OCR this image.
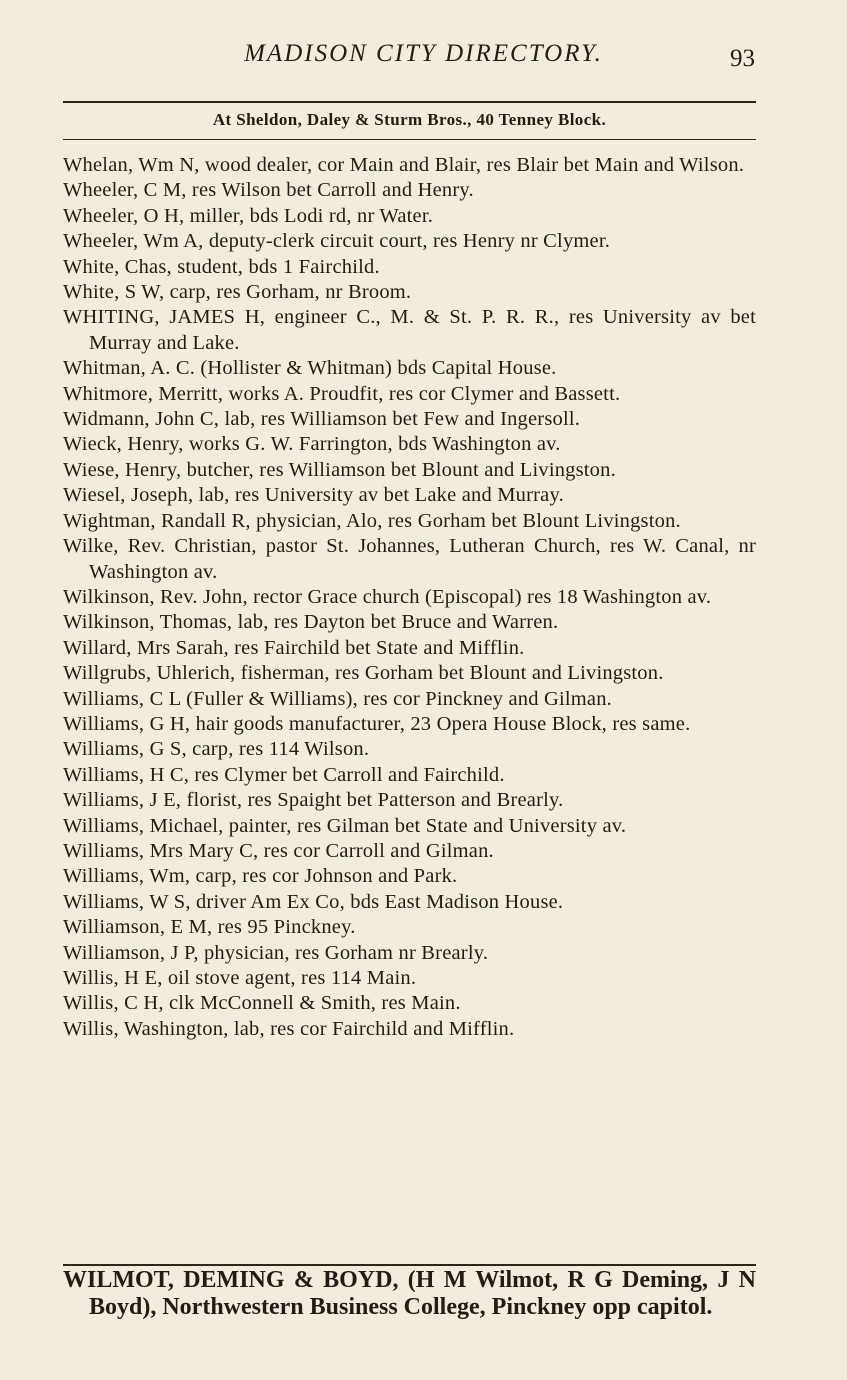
MADISON CITY DIRECTORY.	93
At Sheldon, Daley & Sturm Bros., 40 Tenney Block.
Whelan, Wm N, wood dealer, cor Main and Blair, res Blair bet Main and Wilson.
Wheeler, C M, res Wilson bet Carroll and Henry.
Wheeler, O H, miller, bds Lodi rd, nr Water.
Wheeler, Wm A, deputy-clerk circuit court, res Henry nr Clymer.
White, Chas, student, bds 1 Fairchild.
White, S W, carp, res Gorham, nr Broom.
WHITING, JAMES H, engineer C., M. & St. P. R. R., res University av bet Murray and Lake.
Whitman, A. C. (Hollister & Whitman) bds Capital House.
Whitmore, Merritt, works A. Proudfit, res cor Clymer and Bassett.
Widmann, John C, lab, res Williamson bet Few and Ingersoll.
Wieck, Henry, works G. W. Farrington, bds Washington av.
Wiese, Henry, butcher, res Williamson bet Blount and Livingston.
Wiesel, Joseph, lab, res University av bet Lake and Murray.
Wightman, Randall R, physician, Alo, res Gorham bet Blount Livingston.
Wilke, Rev. Christian, pastor St. Johannes, Lutheran Church, res W. Canal, nr Washington av.
Wilkinson, Rev. John, rector Grace church (Episcopal) res 18 Washington av.
Wilkinson, Thomas, lab, res Dayton bet Bruce and Warren.
Willard, Mrs Sarah, res Fairchild bet State and Mifflin.
Willgrubs, Uhlerich, fisherman, res Gorham bet Blount and Livingston.
Williams, C L (Fuller & Williams), res cor Pinckney and Gilman.
Williams, G H, hair goods manufacturer, 23 Opera House Block, res same.
Williams, G S, carp, res 114 Wilson.
Williams, H C, res Clymer bet Carroll and Fairchild.
Williams, J E, florist, res Spaight bet Patterson and Brearly.
Williams, Michael, painter, res Gilman bet State and University av.
Williams, Mrs Mary C, res cor Carroll and Gilman.
Williams, Wm, carp, res cor Johnson and Park.
Williams, W S, driver Am Ex Co, bds East Madison House.
Williamson, E M, res 95 Pinckney.
Williamson, J P, physician, res Gorham nr Brearly.
Willis, H E, oil stove agent, res 114 Main.
Willis, C H, clk McConnell & Smith, res Main.
Willis, Washington, lab, res cor Fairchild and Mifflin.
WILMOT, DEMING & BOYD, (H M Wilmot, R G Deming, J N Boyd), Northwestern Business College, Pinckney opp capitol.
